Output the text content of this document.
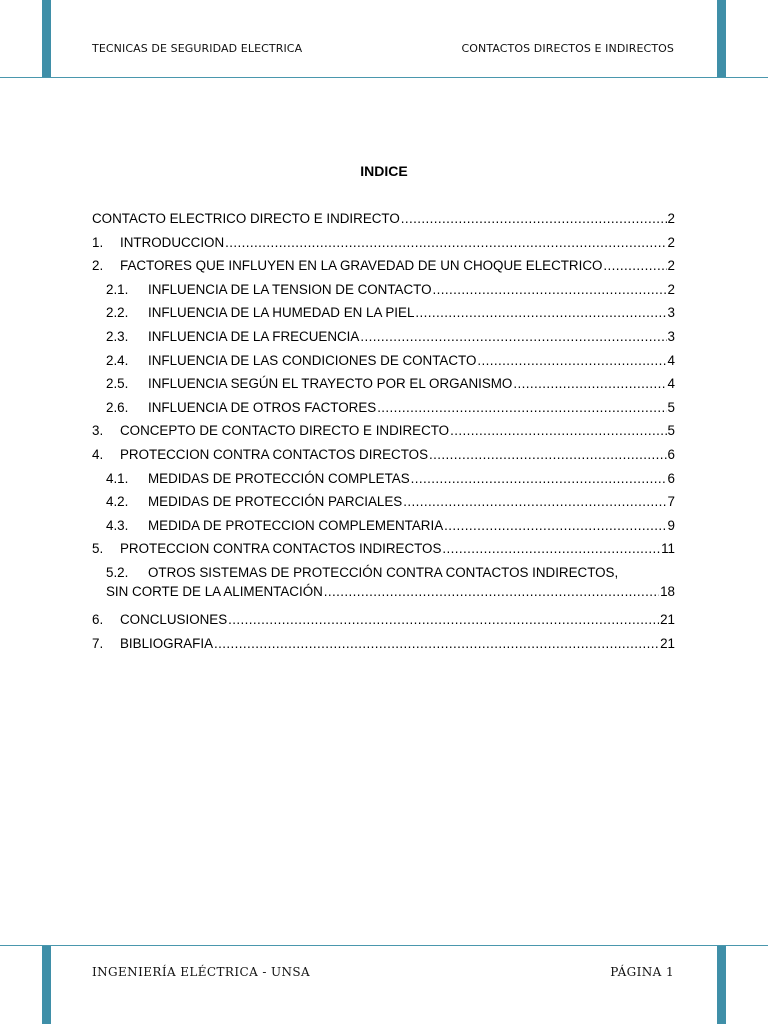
TECNICAS DE SEGURIDAD ELECTRICA	CONTACTOS DIRECTOS E INDIRECTOS
INDICE
CONTACTO ELECTRICO DIRECTO E INDIRECTO .....	2
1.	INTRODUCCION .....	2
2.	FACTORES QUE INFLUYEN EN LA GRAVEDAD DE UN CHOQUE ELECTRICO .....	2
2.1.	INFLUENCIA DE LA TENSION DE CONTACTO .....	2
2.2.	INFLUENCIA DE LA HUMEDAD EN LA PIEL .....	3
2.3.	INFLUENCIA DE LA FRECUENCIA .....	3
2.4.	INFLUENCIA DE LAS CONDICIONES DE CONTACTO .....	4
2.5.	INFLUENCIA SEGÚN EL TRAYECTO POR EL ORGANISMO .....	4
2.6.	INFLUENCIA DE OTROS FACTORES .....	5
3.	CONCEPTO DE CONTACTO DIRECTO E INDIRECTO .....	5
4.	PROTECCION CONTRA CONTACTOS DIRECTOS .....	6
4.1.	MEDIDAS DE PROTECCIÓN COMPLETAS .....	6
4.2.	MEDIDAS DE PROTECCIÓN PARCIALES .....	7
4.3.	MEDIDA DE PROTECCION COMPLEMENTARIA .....	9
5.	PROTECCION CONTRA CONTACTOS INDIRECTOS .....	11
5.2. OTROS SISTEMAS DE PROTECCIÓN CONTRA CONTACTOS INDIRECTOS,
SIN CORTE DE LA ALIMENTACIÓN .....	18
6.	CONCLUSIONES .....	21
7.	BIBLIOGRAFIA .....	21
INGENIERÍA ELÉCTRICA - UNSA	PÁGINA 1
